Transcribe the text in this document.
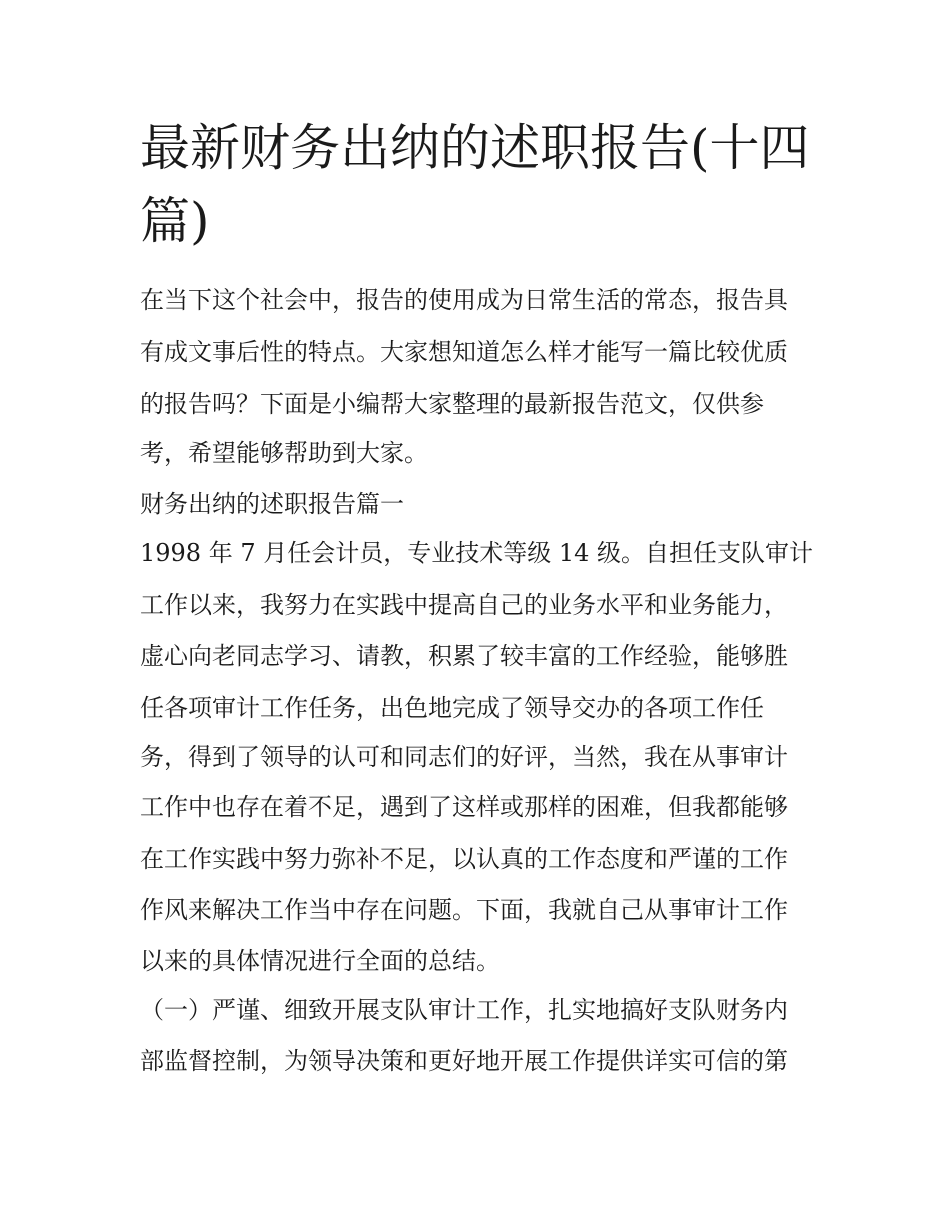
最新财务出纳的述职报告(十四篇)

在当下这个社会中，报告的使用成为日常生活的常态，报告具

有成文事后性的特点。大家想知道怎么样才能写一篇比较优质

的报告吗？下面是小编帮大家整理的最新报告范文，仅供参

考，希望能够帮助到大家。

财务出纳的述职报告篇一

1998 年 7 月任会计员，专业技术等级 14 级。自担任支队审计

工作以来，我努力在实践中提高自己的业务水平和业务能力，

虚心向老同志学习、请教，积累了较丰富的工作经验，能够胜

任各项审计工作任务，出色地完成了领导交办的各项工作任

务，得到了领导的认可和同志们的好评，当然，我在从事审计

工作中也存在着不足，遇到了这样或那样的困难，但我都能够

在工作实践中努力弥补不足，以认真的工作态度和严谨的工作

作风来解决工作当中存在问题。下面，我就自己从事审计工作

以来的具体情况进行全面的总结。

（一）严谨、细致开展支队审计工作，扎实地搞好支队财务内

部监督控制，为领导决策和更好地开展工作提供详实可信的第
